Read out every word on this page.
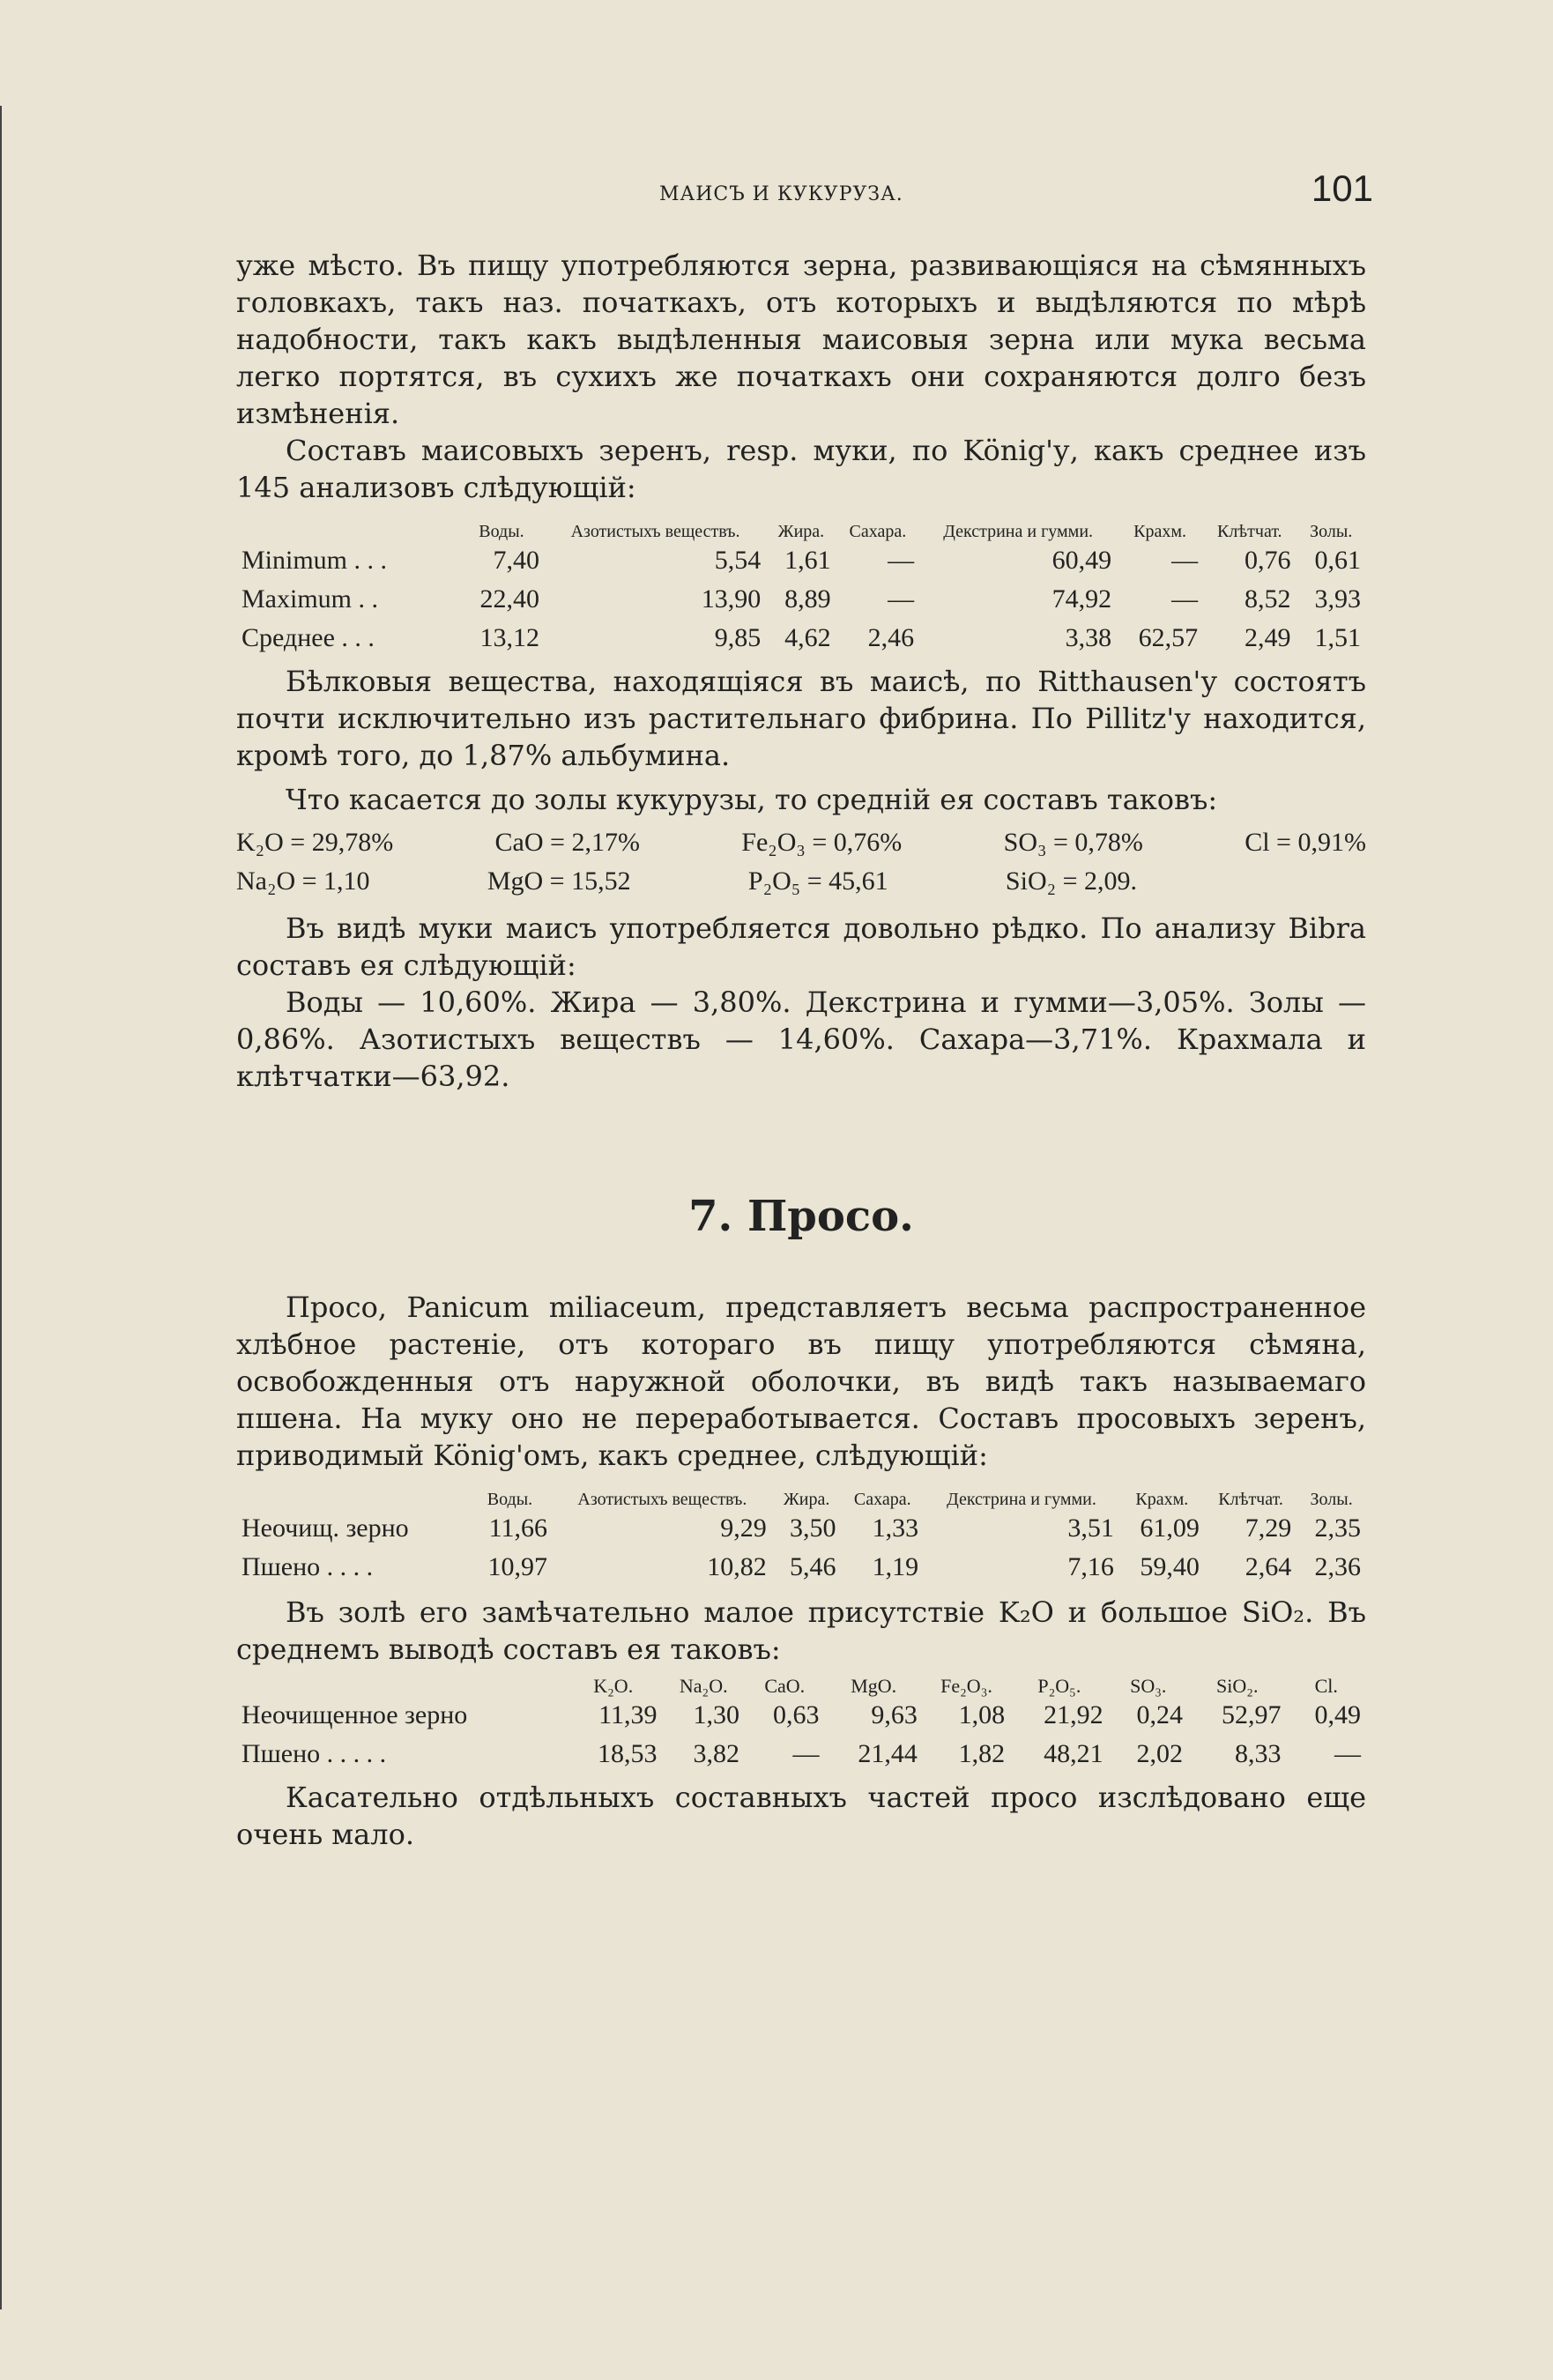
МАИСЪ И КУКУРУЗА.	101

уже мѣсто. Въ пищу употребляются зерна, развивающіяся на сѣмянныхъ головкахъ, такъ наз. початкахъ, отъ которыхъ и выдѣляются по мѣрѣ надобности, такъ какъ выдѣленныя маисовыя зерна или мука весьма легко портятся, въ сухихъ же початкахъ они сохраняются долго безъ измѣненія.

Составъ маисовыхъ зеренъ, resp. муки, по König'у, какъ среднее изъ 145 анализовъ слѣдующій:

	Воды.	Азотистыхъ веществъ.	Жира.	Сахара.	Декстрина и гумми.	Крахм.	Клѣтчат.	Золы.
Minimum . . .	7,40	5,54	1,61	—	60,49	—	0,76	0,61
Maximum . .	22,40	13,90	8,89	—	74,92	—	8,52	3,93
Среднее . . .	13,12	9,85	4,62	2,46	3,38	62,57	2,49	1,51

Бѣлковыя вещества, находящіяся въ маисѣ, по Ritthausen'у состоятъ почти исключительно изъ растительнаго фибрина. По Pillitz'у находится, кромѣ того, до 1,87% альбумина.

Что касается до золы кукурузы, то средній ея составъ таковъ:

K₂O = 29,78%	CaO = 2,17%	Fe₂O₃ = 0,76%	SO₃ = 0,78%	Cl = 0,91%
Na₂O = 1,10	MgO = 15,52	P₂O₅ = 45,61	SiO₂ = 2,09.

Въ видѣ муки маисъ употребляется довольно рѣдко. По анализу Bibra составъ ея слѣдующій:

Воды — 10,60%. Жира — 3,80%. Декстрина и гумми—3,05%. Золы — 0,86%. Азотистыхъ веществъ — 14,60%. Сахара—3,71%. Крахмала и клѣтчатки—63,92.

7. Просо.

Просо, Panicum miliaceum, представляетъ весьма распространенное хлѣбное растеніе, отъ котораго въ пищу употребляются сѣмяна, освобожденныя отъ наружной оболочки, въ видѣ такъ называемаго пшена. На муку оно не переработывается. Составъ просовыхъ зеренъ, приводимый König'омъ, какъ среднее, слѣдующій:

	Воды.	Азотистыхъ веществъ.	Жира.	Сахара.	Декстрина и гумми.	Крахм.	Клѣтчат.	Золы.
Неочищ. зерно	11,66	9,29	3,50	1,33	3,51	61,09	7,29	2,35
Пшено . . . .	10,97	10,82	5,46	1,19	7,16	59,40	2,64	2,36

Въ золѣ его замѣчательно малое присутствіе K₂O и большое SiO₂. Въ среднемъ выводѣ составъ ея таковъ:

	K₂O.	Na₂O.	CaO.	MgO.	Fe₂O₃.	P₂O₅.	SO₃.	SiO₂.	Cl.
Неочищенное зерно	11,39	1,30	0,63	9,63	1,08	21,92	0,24	52,97	0,49
Пшено . . . . .	18,53	3,82	—	21,44	1,82	48,21	2,02	8,33	—

Касательно отдѣльныхъ составныхъ частей просо изслѣдовано еще очень мало.
